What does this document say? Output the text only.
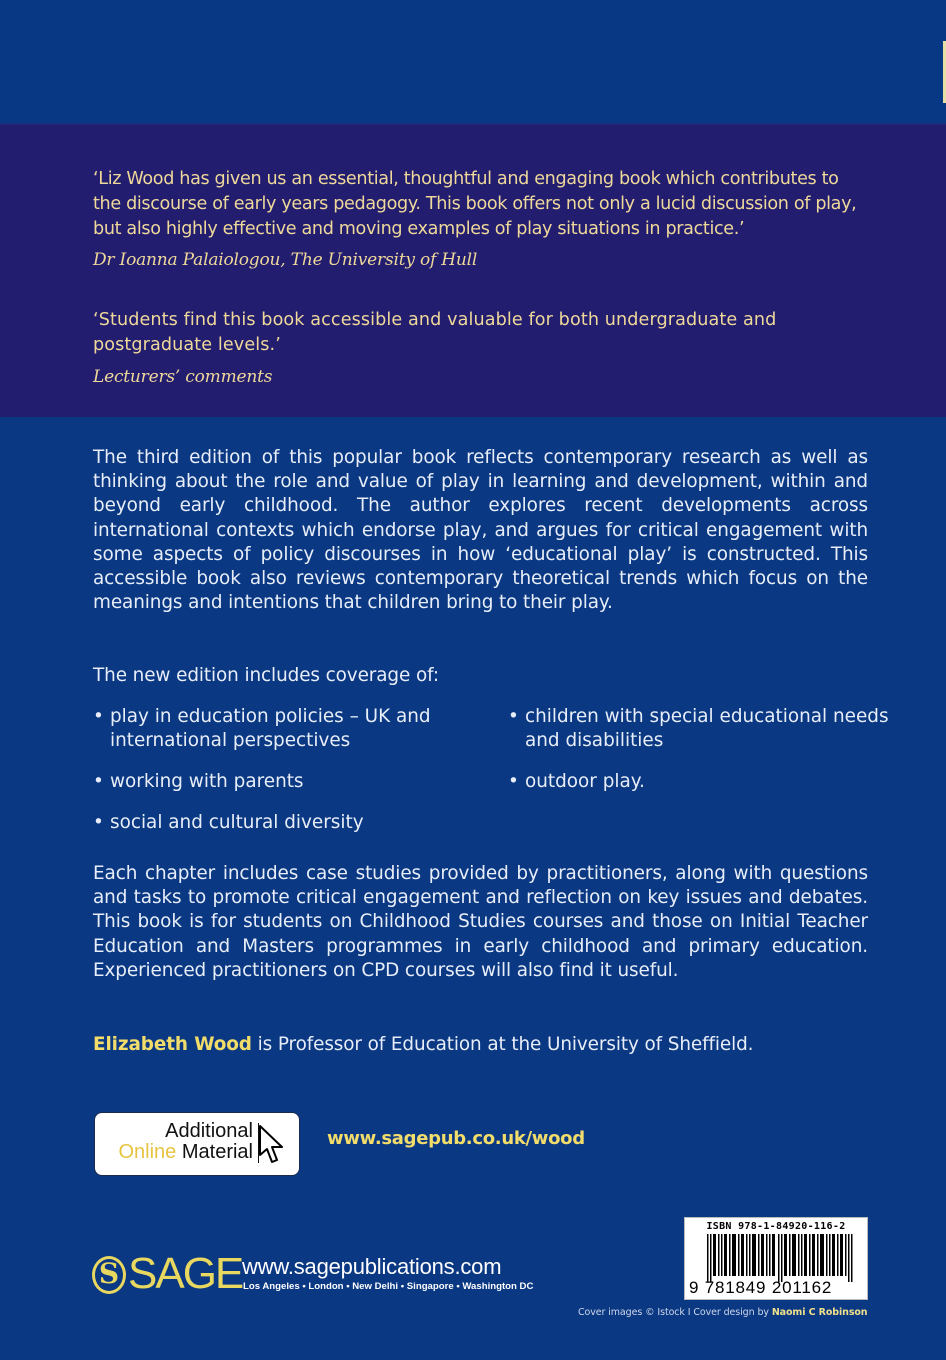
‘Liz Wood has given us an essential, thoughtful and engaging book which contributes to the discourse of early years pedagogy. This book offers not only a lucid discussion of play, but also highly effective and moving examples of play situations in practice.’
Dr Ioanna Palaiologou, The University of Hull
‘Students find this book accessible and valuable for both undergraduate and postgraduate levels.’
Lecturers’ comments
The third edition of this popular book reflects contemporary research as well as thinking about the role and value of play in learning and development, within and beyond early childhood. The author explores recent developments across international contexts which endorse play, and argues for critical engagement with some aspects of policy discourses in how ‘educational play’ is constructed. This accessible book also reviews contemporary theoretical trends which focus on the meanings and intentions that children bring to their play.
The new edition includes coverage of:
• play in education policies – UK and international perspectives
• children with special educational needs and disabilities
• working with parents	• outdoor play.
• social and cultural diversity
Each chapter includes case studies provided by practitioners, along with questions and tasks to promote critical engagement and reflection on key issues and debates. This book is for students on Childhood Studies courses and those on Initial Teacher Education and Masters programmes in early childhood and primary education. Experienced practitioners on CPD courses will also find it useful.
Elizabeth Wood is Professor of Education at the University of Sheffield.
Additional
Online Material
www.sagepub.co.uk/wood
S SAGE www.sagepublications.com
Los Angeles • London • New Delhi • Singapore • Washington DC
ISBN 978-1-84920-116-2
9 781849 201162
Cover images © Istock I Cover design by Naomi C Robinson
